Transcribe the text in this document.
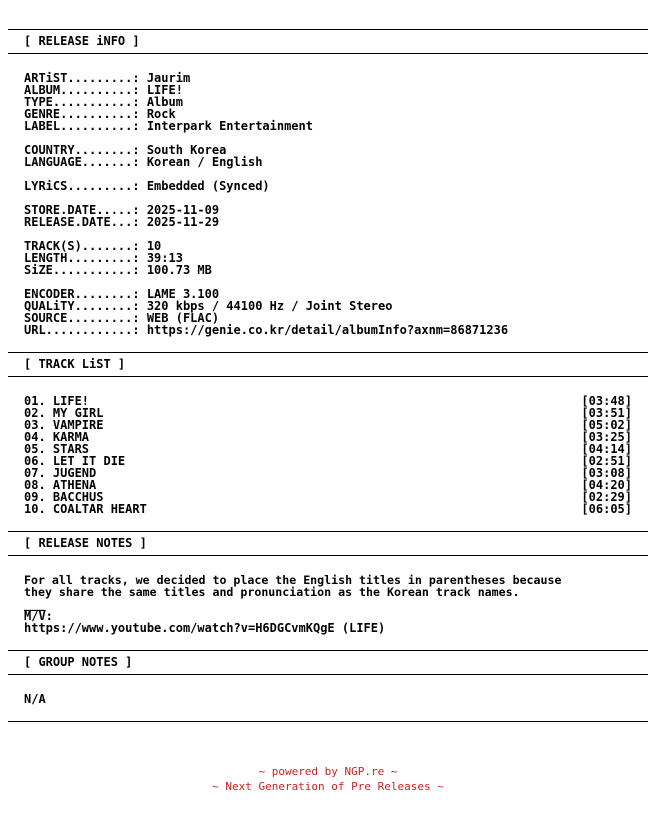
[ RELEASE iNFO ]
ARTiST.........: Jaurim
ALBUM..........: LIFE!
TYPE...........: Album
GENRE..........: Rock
LABEL..........: Interpark Entertainment
COUNTRY........: South Korea
LANGUAGE.......: Korean / English
LYRiCS.........: Embedded (Synced)
STORE.DATE.....: 2025-11-09
RELEASE.DATE...: 2025-11-29
TRACK(S).......: 10
LENGTH.........: 39:13
SiZE...........: 100.73 MB
ENCODER........: LAME 3.100
QUALiTY........: 320 kbps / 44100 Hz / Joint Stereo
SOURCE.........: WEB (FLAC)
URL............: https://genie.co.kr/detail/albumInfo?axnm=86871236
[ TRACK LiST ]
01. LIFE!	[03:48]
02. MY GIRL	[03:51]
03. VAMPIRE	[05:02]
04. KARMA	[03:25]
05. STARS	[04:14]
06. LET IT DIE	[02:51]
07. JUGEND	[03:08]
08. ATHENA	[04:20]
09. BACCHUS	[02:29]
10. COALTAR HEART	[06:05]
[ RELEASE NOTES ]
For all tracks, we decided to place the English titles in parentheses because
they share the same titles and pronunciation as the Korean track names.
___
M/V:
https://www.youtube.com/watch?v=H6DGCvmKQgE (LIFE)
[ GROUP NOTES ]
N/A
~ powered by NGP.re ~
~ Next Generation of Pre Releases ~
